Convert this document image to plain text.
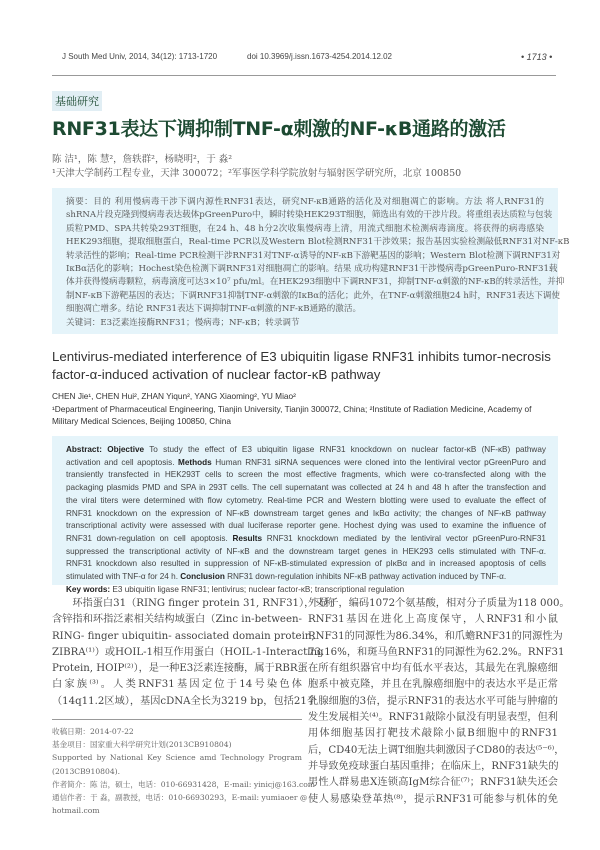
J South Med Univ, 2014, 34(12): 1713-1720	doi 10.3969/j.issn.1673-4254.2014.12.02	• 1713 •
基础研究
RNF31表达下调抑制TNF-α刺激的NF-κB通路的激活
陈 洁¹，陈 慧²，詹轶群²，杨晓明²，于 淼²
¹天津大学制药工程专业，天津 300072；²军事医学科学院放射与辐射医学研究所，北京 100850
摘要：目的 利用慢病毒干涉下调内源性RNF31表达，研究NF-κB通路的活化及对细胞凋亡的影响。方法 将人RNF31的
shRNA片段克隆到慢病毒表达载体pGreenPuro中，瞬时转染HEK293T细胞，筛选出有效的干涉片段。将重组表达质粒与包装
质粒PMD、SPA共转染293T细胞，在24 h、48 h分2次收集慢病毒上清，用流式细胞术检测病毒滴度。将获得的病毒感染
HEK293细胞，提取细胞蛋白，Real-time PCR以及Western Blot检测RNF31干涉效果；报告基因实验检测敲低RNF31对NF-κB
转录活性的影响；Real-time PCR检测干涉RNF31对TNF-α诱导的NF-κB下游靶基因的影响；Western Blot检测下调RNF31对
IκBα活化的影响；Hochest染色检测下调RNF31对细胞凋亡的影响。结果 成功构建RNF31干涉慢病毒pGreenPuro-RNF31载
体并获得慢病毒颗粒，病毒滴度可达3×10⁷ pfu/ml。在HEK293细胞中下调RNF31，抑制TNF-α刺激的NF-κB的转录活性，并抑
制NF-κB下游靶基因的表达；下调RNF31抑制TNF-α刺激的IκBα的活化；此外，在TNF-α刺激细胞24 h时，RNF31表达下调使
细胞凋亡增多。结论 RNF31表达下调抑制TNF-α刺激的NF-κB通路的激活。
关键词：E3泛素连接酶RNF31；慢病毒；NF-κB；转录调节
Lentivirus-mediated interference of E3 ubiquitin ligase RNF31 inhibits tumor-necrosis factor-α-induced activation of nuclear factor-κB pathway
CHEN Jie¹, CHEN Hui², ZHAN Yiqun², YANG Xiaoming², YU Miao²
¹Department of Pharmaceutical Engineering, Tianjin University, Tianjin 300072, China; ²Institute of Radiation Medicine, Academy of Military Medical Sciences, Beijing 100850, China
Abstract: Objective To study the effect of E3 ubiquitin ligase RNF31 knockdown on nuclear factor-κB (NF-κB) pathway
activation and cell apoptosis. Methods Human RNF31 siRNA sequences were cloned into the lentiviral vector pGreenPuro and
transiently transfected in HEK293T cells to screen the most effective fragments, which were co-transfected along with the
packaging plasmids PMD and SPA in 293T cells. The cell supernatant was collected at 24 h and 48 h after the transfection and
the viral titers were determined with flow cytometry. Real-time PCR and Western blotting were used to evaluate the effect of
RNF31 knockdown on the expression of NF-κB downstream target genes and IκBα activity; the changes of NF-κB pathway
transcriptional activity were assessed with dual luciferase reporter gene. Hochest dying was used to examine the influence of
RNF31 down-regulation on cell apoptosis. Results RNF31 knockdown mediated by the lentiviral vector pGreenPuro-RNF31
suppressed the transcriptional activity of NF-κB and the downstream target genes in HEK293 cells stimulated with TNF-α.
RNF31 knockdown also resulted in suppression of NF-κB-stimulated expression of pIκBα and in increased apoptosis of cells
stimulated with TNF-α for 24 h. Conclusion RNF31 down-regulation inhibits NF-κB pathway activation induced by TNF-α.
Key words: E3 ubiquitin ligase RNF31; lentivirus; nuclear factor-κB; transcriptional regulation
　　环指蛋白31（RING finger protein 31, RNF31），又称
含锌指和环指泛素相关结构域蛋白（Zinc in-between-
RING- finger ubiquitin- associated domain protein,
ZIBRA⁽¹⁾）或HOIL-1相互作用蛋白（HOIL-1-Interacting
Protein, HOIP⁽²⁾），是一种E3泛素连接酶，属于RBR蛋
白家族⁽³⁾。人类RNF31基因定位于14号染色体
（14q11.2区域），基因cDNA全长为3219 bp，包括21个
收稿日期：2014-07-22
基金项目：国家重大科学研究计划(2013CB910804)
Supported by National Key Science amd Technology Program
(2013CB910804).
作者简介：陈 洁，硕士，电话：010-66931428，E-mail: yinicj@163.com
通信作者：于 淼，副教授，电话：010-66930293，E-mail: yumiaoer @
hotmail.com
外显子，编码1072个氨基酸，相对分子质量为118 000。
RNF31基因在进化上高度保守，人RNF31和小鼠
RNF31的同源性为86.34%，和爪蟾RNF31的同源性为
73.16%，和斑马鱼RNF31的同源性为62.2%。RNF31
在所有组织器官中均有低水平表达，其最先在乳腺癌细
胞系中被克隆，并且在乳腺癌细胞中的表达水平是正常
乳腺细胞的3倍，提示RNF31的表达水平可能与肿瘤的
发生发展相关⁽⁴⁾。RNF31敲除小鼠没有明显表型，但利
用体细胞基因打靶技术敲除小鼠B细胞中的RNF31
后，CD40无法上调T细胞共刺激因子CD80的表达⁽⁵⁻⁶⁾，
并导致免疫球蛋白基因重排；在临床上，RNF31缺失的
男性人群易患X连锁高IgM综合征⁽⁷⁾；RNF31缺失还会
使人易感染登革热⁽⁸⁾，提示RNF31可能参与机体的免
